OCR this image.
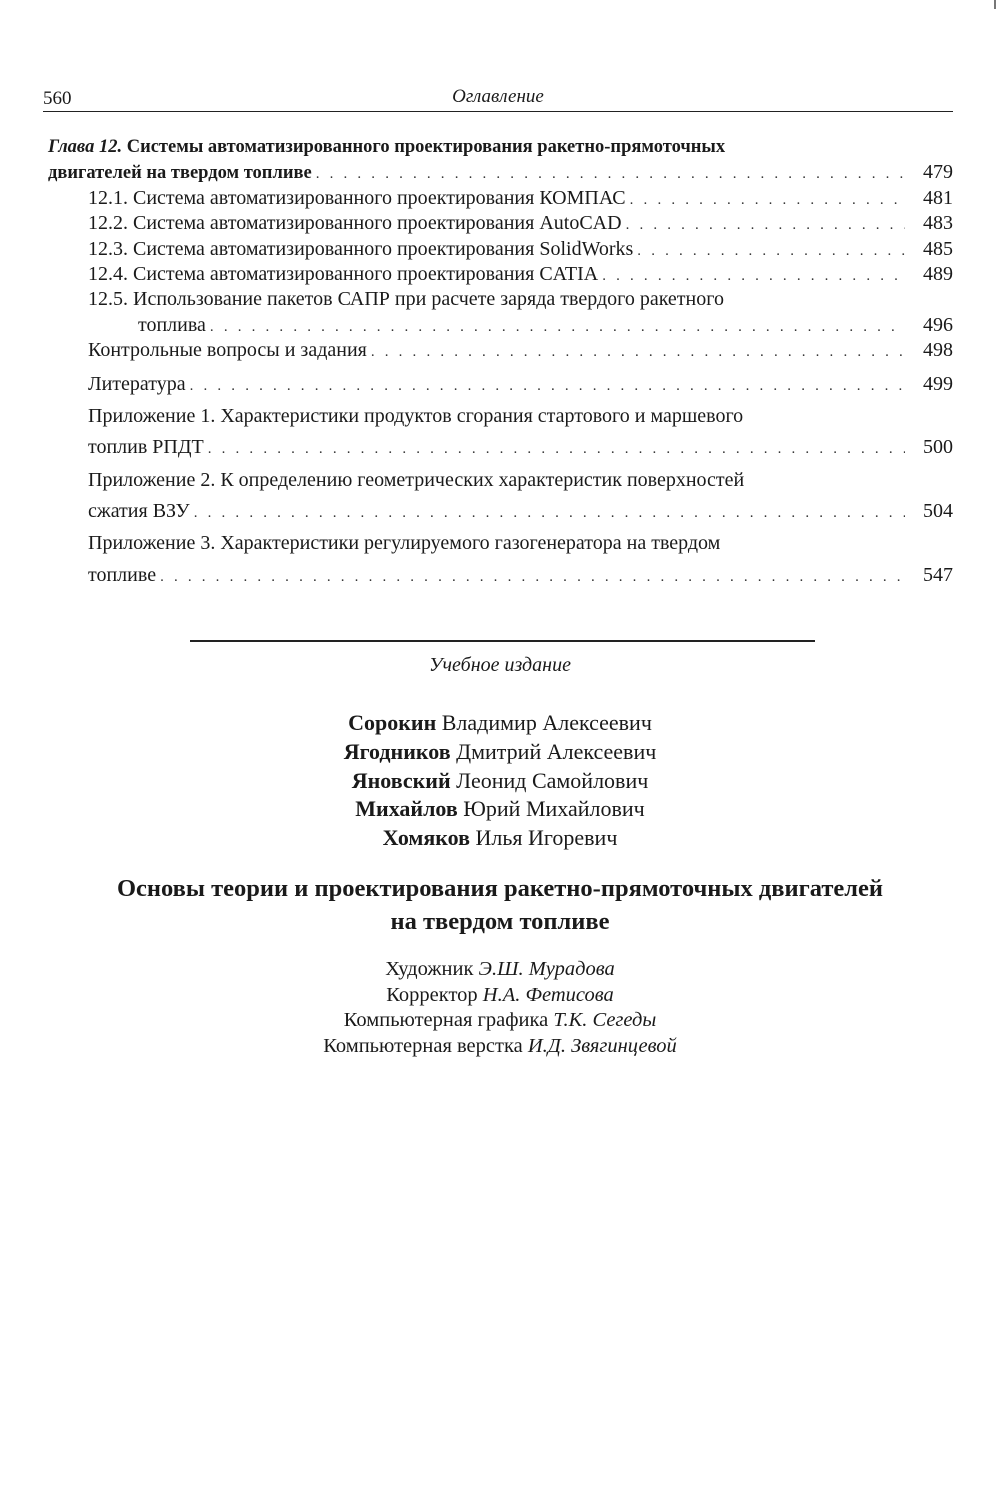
560	Оглавление
Глава 12. Системы автоматизированного проектирования ракетно-прямоточных
двигателей на твердом топливе . . .	479
12.1. Система автоматизированного проектирования КОМПАС . . .	481
12.2. Система автоматизированного проектирования AutoCAD . . .	483
12.3. Система автоматизированного проектирования SolidWorks . . .	485
12.4. Система автоматизированного проектирования CATIA . . .	489
12.5. Использование пакетов САПР при расчете заряда твердого ракетного
топлива . . .	496
Контрольные вопросы и задания . . .	498
Литература . . .	499
Приложение 1. Характеристики продуктов сгорания стартового и маршевого
топлив РПДТ . . .	500
Приложение 2. К определению геометрических характеристик поверхностей
сжатия ВЗУ . . .	504
Приложение 3. Характеристики регулируемого газогенератора на твердом
топливе . . .	547
Учебное издание
Сорокин Владимир Алексеевич
Ягодников Дмитрий Алексеевич
Яновский Леонид Самойлович
Михайлов Юрий Михайлович
Хомяков Илья Игоревич
Основы теории и проектирования ракетно-прямоточных двигателей
на твердом топливе
Художник Э.Ш. Мурадова
Корректор Н.А. Фетисова
Компьютерная графика Т.К. Сегеды
Компьютерная верстка И.Д. Звягинцевой
